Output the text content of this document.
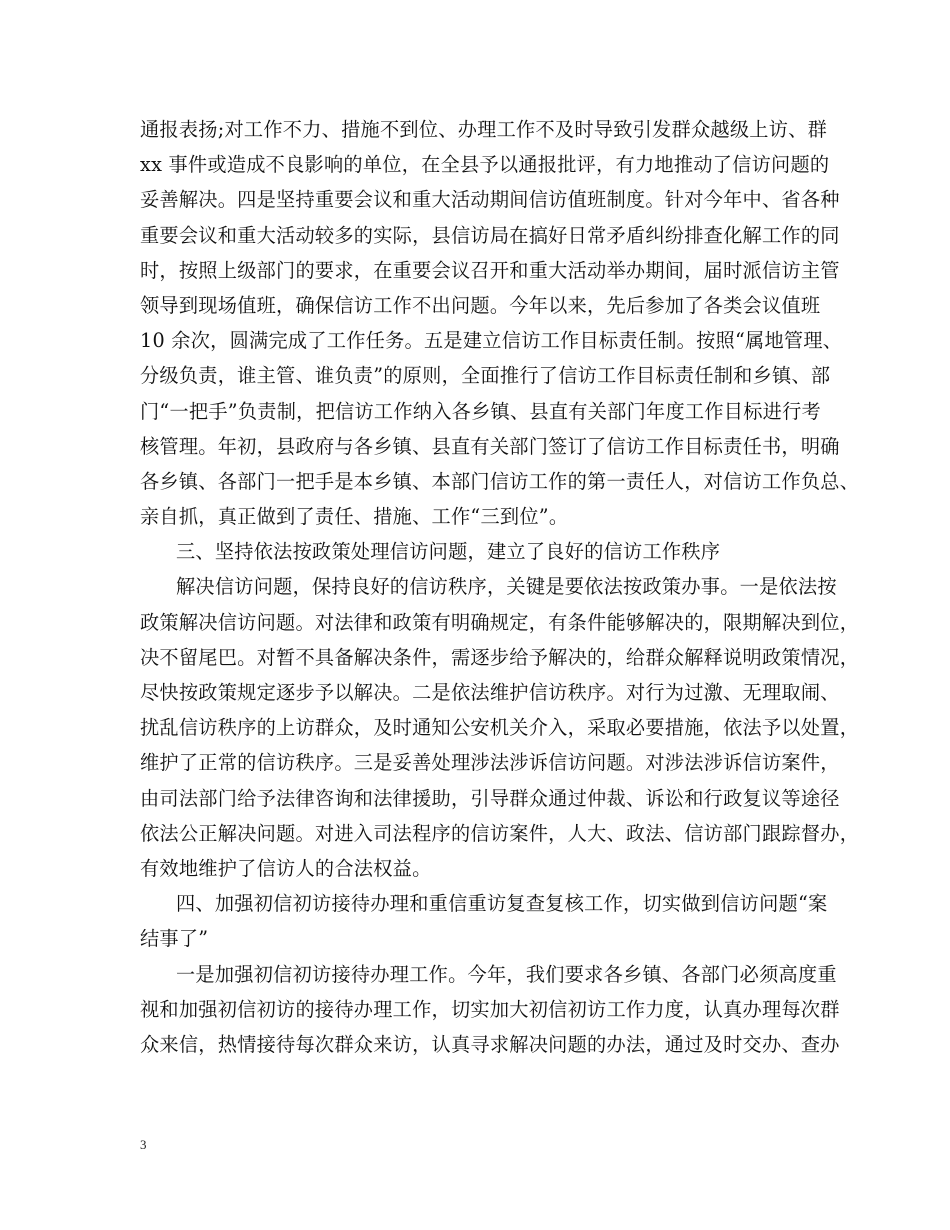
通报表扬;对工作不力、措施不到位、办理工作不及时导致引发群众越级上访、群
xx 事件或造成不良影响的单位，在全县予以通报批评，有力地推动了信访问题的
妥善解决。四是坚持重要会议和重大活动期间信访值班制度。针对今年中、省各种
重要会议和重大活动较多的实际，县信访局在搞好日常矛盾纠纷排查化解工作的同
时，按照上级部门的要求，在重要会议召开和重大活动举办期间，届时派信访主管
领导到现场值班，确保信访工作不出问题。今年以来，先后参加了各类会议值班
10 余次，圆满完成了工作任务。五是建立信访工作目标责任制。按照“属地管理、
分级负责，谁主管、谁负责”的原则，全面推行了信访工作目标责任制和乡镇、部
门“一把手”负责制，把信访工作纳入各乡镇、县直有关部门年度工作目标进行考
核管理。年初，县政府与各乡镇、县直有关部门签订了信访工作目标责任书，明确
各乡镇、各部门一把手是本乡镇、本部门信访工作的第一责任人，对信访工作负总、
亲自抓，真正做到了责任、措施、工作“三到位”。
三、坚持依法按政策处理信访问题，建立了良好的信访工作秩序
解决信访问题，保持良好的信访秩序，关键是要依法按政策办事。一是依法按
政策解决信访问题。对法律和政策有明确规定，有条件能够解决的，限期解决到位，
决不留尾巴。对暂不具备解决条件，需逐步给予解决的，给群众解释说明政策情况，
尽快按政策规定逐步予以解决。二是依法维护信访秩序。对行为过激、无理取闹、
扰乱信访秩序的上访群众，及时通知公安机关介入，采取必要措施，依法予以处置，
维护了正常的信访秩序。三是妥善处理涉法涉诉信访问题。对涉法涉诉信访案件，
由司法部门给予法律咨询和法律援助，引导群众通过仲裁、诉讼和行政复议等途径
依法公正解决问题。对进入司法程序的信访案件，人大、政法、信访部门跟踪督办，
有效地维护了信访人的合法权益。
四、加强初信初访接待办理和重信重访复查复核工作，切实做到信访问题“案
结事了”
一是加强初信初访接待办理工作。今年，我们要求各乡镇、各部门必须高度重
视和加强初信初访的接待办理工作，切实加大初信初访工作力度，认真办理每次群
众来信，热情接待每次群众来访，认真寻求解决问题的办法，通过及时交办、查办
3
